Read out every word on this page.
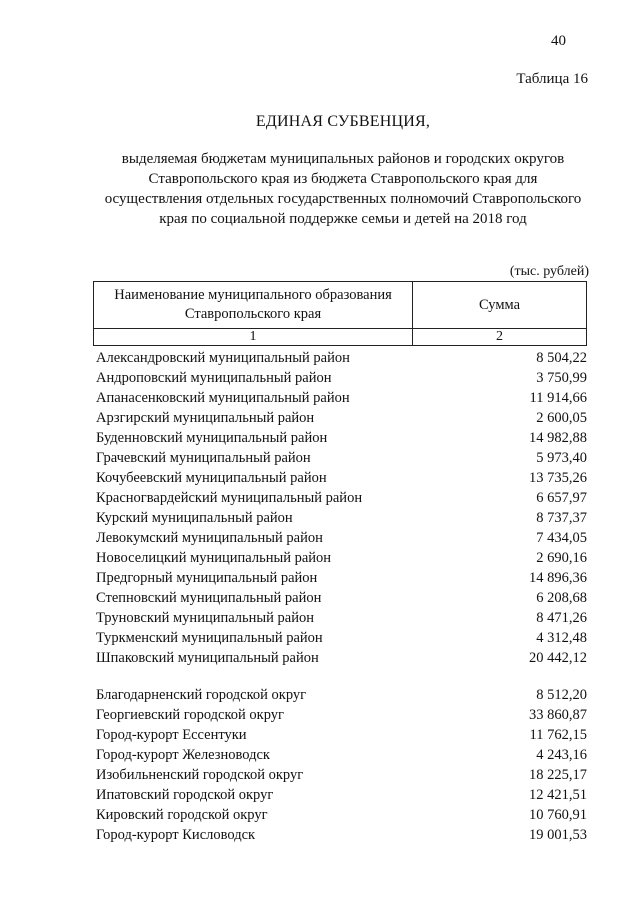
40
Таблица 16
ЕДИНАЯ СУБВЕНЦИЯ,
выделяемая бюджетам муниципальных районов и городских округов
Ставропольского края из бюджета Ставропольского края для
осуществления отдельных государственных полномочий Ставропольского
края по социальной поддержке семьи и детей на 2018 год
(тыс. рублей)
Наименование муниципального образования
Ставропольского края	Сумма
1	2
Александровский муниципальный район	8 504,22
Андроповский муниципальный район	3 750,99
Апанасенковский муниципальный район	11 914,66
Арзгирский муниципальный район	2 600,05
Буденновский муниципальный район	14 982,88
Грачевский муниципальный район	5 973,40
Кочубеевский муниципальный район	13 735,26
Красногвардейский муниципальный район	6 657,97
Курский муниципальный район	8 737,37
Левокумский муниципальный район	7 434,05
Новоселицкий муниципальный район	2 690,16
Предгорный муниципальный район	14 896,36
Степновский муниципальный район	6 208,68
Труновский муниципальный район	8 471,26
Туркменский муниципальный район	4 312,48
Шпаковский муниципальный район	20 442,12
Благодарненский городской округ	8 512,20
Георгиевский городской округ	33 860,87
Город-курорт Ессентуки	11 762,15
Город-курорт Железноводск	4 243,16
Изобильненский городской округ	18 225,17
Ипатовский городской округ	12 421,51
Кировский городской округ	10 760,91
Город-курорт Кисловодск	19 001,53
